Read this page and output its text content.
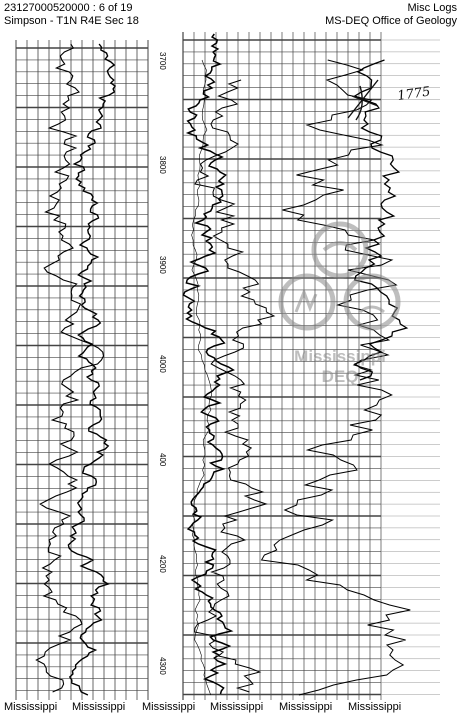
23127000520000 : 6 of 19
Simpson - T1N R4E Sec 18
Misc Logs
MS-DEQ Office of Geology
3700
3800
3900
4000
400
4200
4300
Mississippi
DEQ
1775
Mississippi Mississippi Mississippi Mississippi Mississippi Mississippi
